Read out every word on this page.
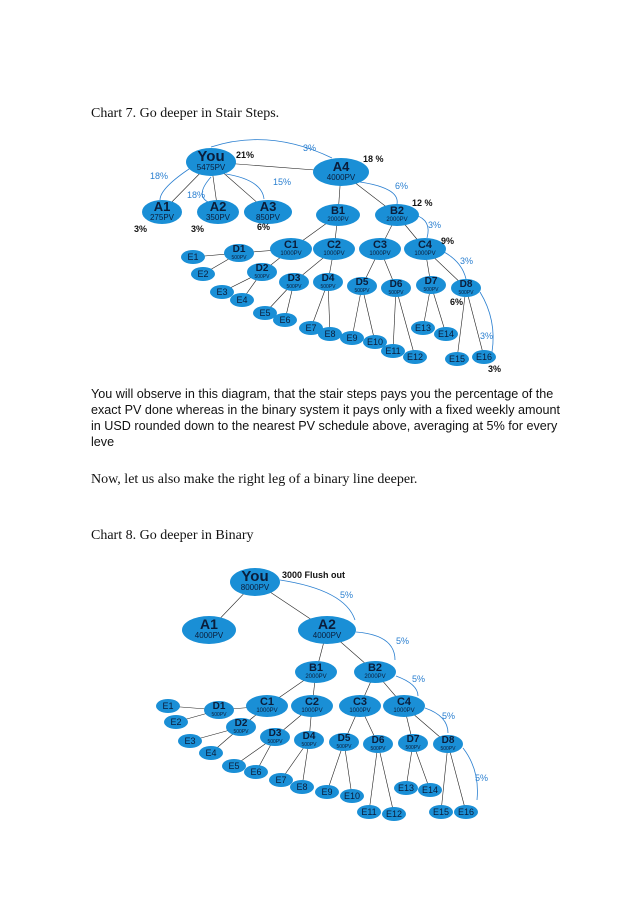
Chart 7. Go deeper in Stair Steps.
You
5475PV
A1
275PV
A2
350PV
A3
850PV
A4
4000PV
B1
2000PV
B2
2000PV
C1
1000PV
C2
1000PV
C3
1000PV
C4
1000PV
D1
500PV
D2
500PV D3
500PV
D4
500PV D5
500PV
D6
500PV
D7
500PV D8
500PV
E1
E2
E3
E4
E5
E6
E7
E8 E9 E10
E11
E12
E13
E14
E15 E16
21%
3%
18 %
18%
18%
15%	6%
12 %
3%
3%	6%
3%
9%
3%
6%
3%
3%
You will observe in this diagram, that the stair steps pays you the percentage of the exact PV done whereas in the binary system it pays only with a fixed weekly amount in USD rounded down to the nearest PV schedule above, averaging at 5% for every leve
Now, let us also make the right leg of a binary line deeper.
Chart 8. Go deeper in Binary
You
8000PV
A1
4000PV
A2
4000PV
B1
2000PV
B2
2000PV
C1
1000PV
C2
1000PV
C3
1000PV
C4
1000PV
D1
500PV
D2
500PV D3
500PV D4
500PV
D5
500PV
D6
500PV
D7
500PV
D8
500PV
E1
E2
E3
E4
E5
E6
E7
E8 E9 E10
E11 E12
E13 E14
E15 E16
5%
5%
5%
5%
5%
3000 Flush out
